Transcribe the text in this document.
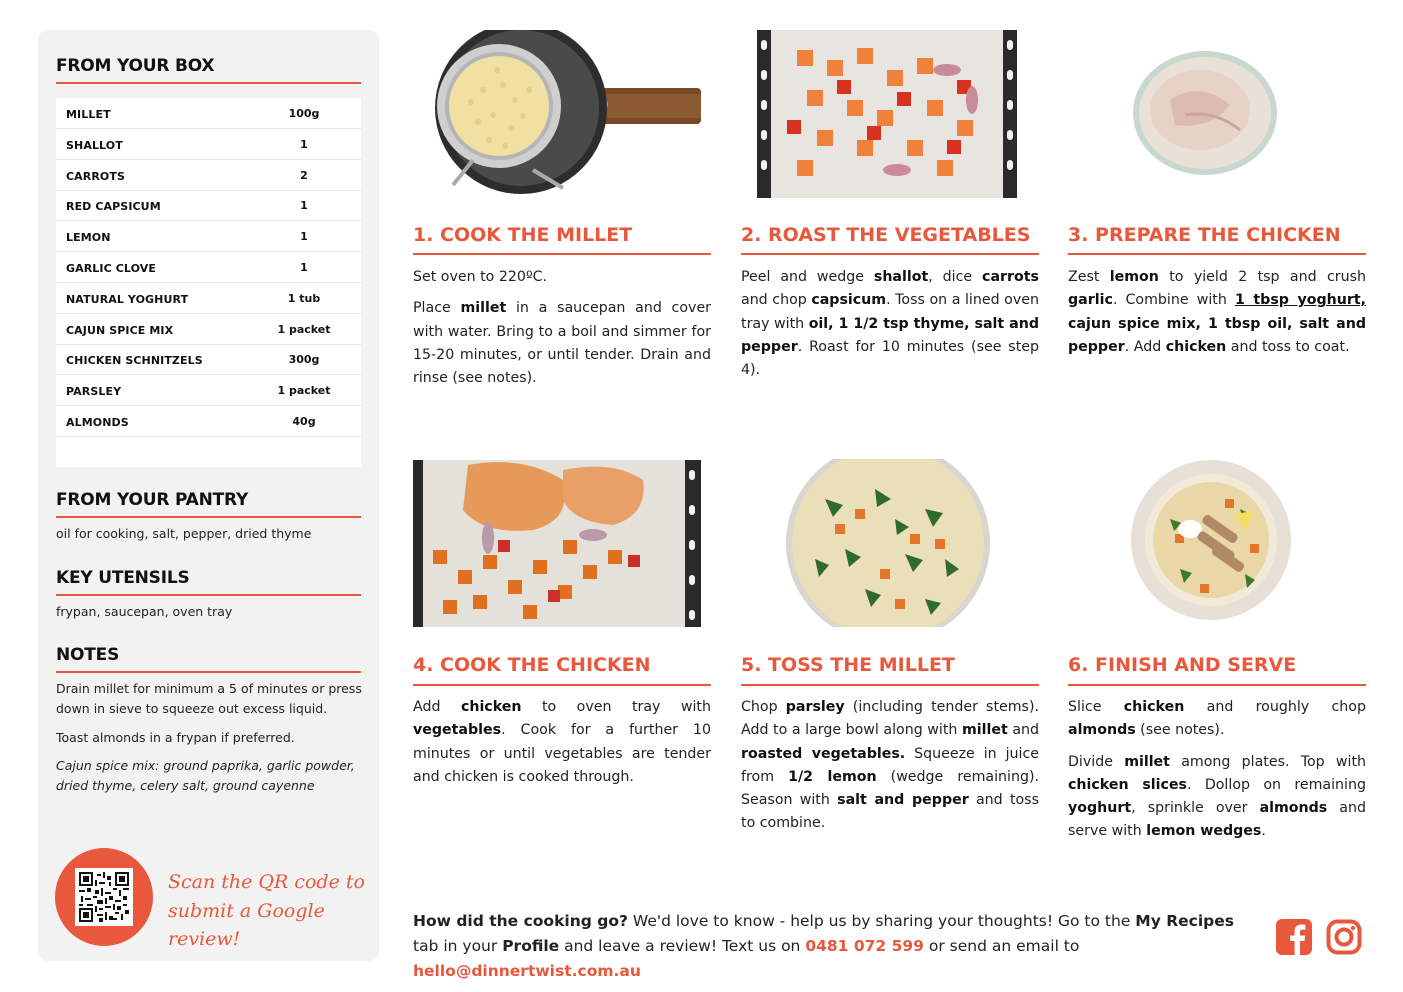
FROM YOUR BOX
FROM YOUR PANTRY
oil for cooking, salt, pepper, dried thyme
KEY UTENSILS
frypan, saucepan, oven tray
NOTES
Drain millet for minimum a 5 of minutes or press down in sieve to squeeze out excess liquid.
Toast almonds in a frypan if preferred.
Cajun spice mix: ground paprika, garlic powder, dried thyme, celery salt, ground cayenne
Scan the QR code to
submit a Google review!
MILLET	100g
SHALLOT	1
CARROTS	2
RED CAPSICUM	1
LEMON	1
GARLIC CLOVE	1
NATURAL YOGHURT	1 tub
CAJUN SPICE MIX	1 packet
CHICKEN SCHNITZELS	300g
PARSLEY	1 packet
ALMONDS	40g
1. COOK THE MILLET

Set oven to 220ºC.

Place millet in a saucepan and cover with water. Bring to a boil and simmer for 15-20 minutes, or until tender. Drain and rinse (see notes).

2. ROAST THE VEGETABLES

Peel and wedge shallot, dice carrots and chop capsicum. Toss on a lined oven tray with oil, 1 1/2 tsp thyme, salt and pepper. Roast for 10 minutes (see step 4).

3. PREPARE THE CHICKEN

Zest lemon to yield 2 tsp and crush garlic. Combine with 1 tbsp yoghurt, cajun spice mix, 1 tbsp oil, salt and pepper. Add chicken and toss to coat.

4. COOK THE CHICKEN

Add chicken to oven tray with vegetables. Cook for a further 10 minutes or until vegetables are tender and chicken is cooked through.

5. TOSS THE MILLET

Chop parsley (including tender stems). Add to a large bowl along with millet and roasted vegetables. Squeeze in juice from 1/2 lemon (wedge remaining). Season with salt and pepper and toss to combine.

6. FINISH AND SERVE

Slice chicken and roughly chop almonds (see notes).

Divide millet among plates. Top with chicken slices. Dollop on remaining yoghurt, sprinkle over almonds and serve with lemon wedges.

How did the cooking go? We'd love to know - help us by sharing your thoughts! Go to the My Recipes tab in your Profile and leave a review! Text us on 0481 072 599 or send an email to hello@dinnertwist.com.au
